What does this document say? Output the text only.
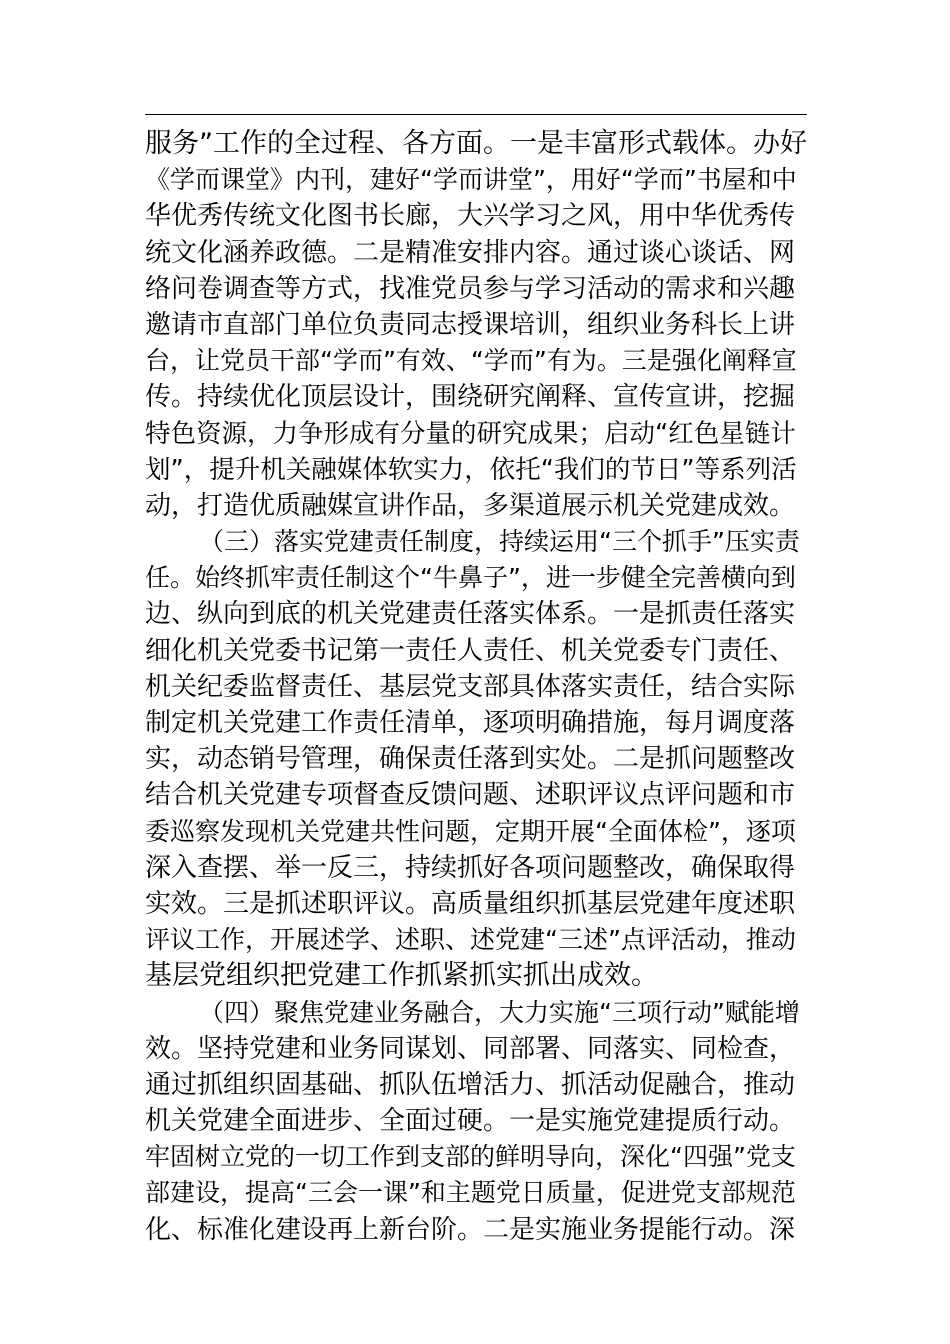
服务”工作的全过程、各方面。一是丰富形式载体。办好
《学而课堂》内刊，建好“学而讲堂”，用好“学而”书屋和中
华优秀传统文化图书长廊，大兴学习之风，用中华优秀传
统文化涵养政德。二是精准安排内容。通过谈心谈话、网
络问卷调查等方式，找准党员参与学习活动的需求和兴趣
邀请市直部门单位负责同志授课培训，组织业务科长上讲
台，让党员干部“学而”有效、“学而”有为。三是强化阐释宣
传。持续优化顶层设计，围绕研究阐释、宣传宣讲，挖掘
特色资源，力争形成有分量的研究成果；启动“红色星链计
划”，提升机关融媒体软实力，依托“我们的节日”等系列活
动，打造优质融媒宣讲作品，多渠道展示机关党建成效。
（三）落实党建责任制度，持续运用“三个抓手”压实责
任。始终抓牢责任制这个“牛鼻子”，进一步健全完善横向到
边、纵向到底的机关党建责任落实体系。一是抓责任落实
细化机关党委书记第一责任人责任、机关党委专门责任、
机关纪委监督责任、基层党支部具体落实责任，结合实际
制定机关党建工作责任清单，逐项明确措施，每月调度落
实，动态销号管理，确保责任落到实处。二是抓问题整改
结合机关党建专项督查反馈问题、述职评议点评问题和市
委巡察发现机关党建共性问题，定期开展“全面体检”，逐项
深入查摆、举一反三，持续抓好各项问题整改，确保取得
实效。三是抓述职评议。高质量组织抓基层党建年度述职
评议工作，开展述学、述职、述党建“三述”点评活动，推动
基层党组织把党建工作抓紧抓实抓出成效。
（四）聚焦党建业务融合，大力实施“三项行动”赋能增
效。坚持党建和业务同谋划、同部署、同落实、同检查，
通过抓组织固基础、抓队伍增活力、抓活动促融合，推动
机关党建全面进步、全面过硬。一是实施党建提质行动。
牢固树立党的一切工作到支部的鲜明导向，深化“四强”党支
部建设，提高“三会一课”和主题党日质量，促进党支部规范
化、标准化建设再上新台阶。二是实施业务提能行动。深
